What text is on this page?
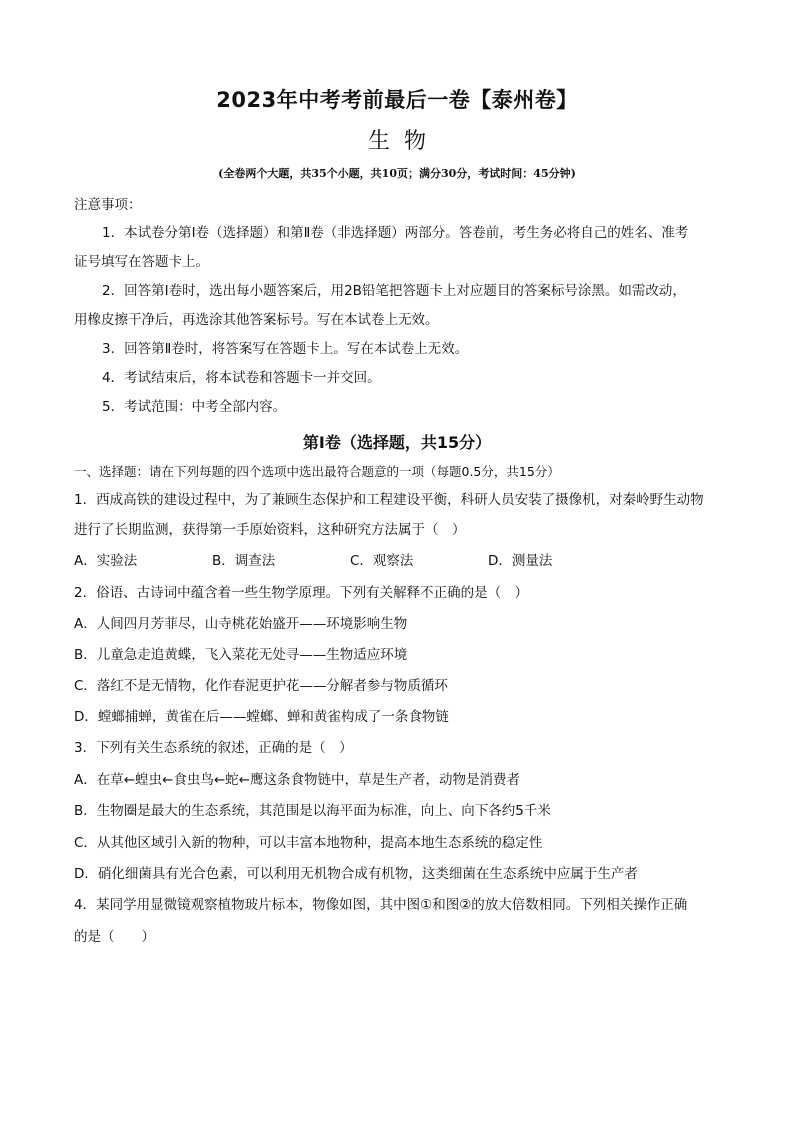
2023年中考考前最后一卷【泰州卷】
生物
(全卷两个大题，共35个小题，共10页；满分30分，考试时间：45分钟)
注意事项：
1．本试卷分第Ⅰ卷（选择题）和第Ⅱ卷（非选择题）两部分。答卷前，考生务必将自己的姓名、准考
证号填写在答题卡上。
2．回答第Ⅰ卷时，选出每小题答案后，用2B铅笔把答题卡上对应题目的答案标号涂黑。如需改动，
用橡皮擦干净后，再选涂其他答案标号。写在本试卷上无效。
3．回答第Ⅱ卷时，将答案写在答题卡上。写在本试卷上无效。
4．考试结束后，将本试卷和答题卡一并交回。
5．考试范围：中考全部内容。
第Ⅰ卷（选择题，共15分）
一、选择题：请在下列每题的四个选项中选出最符合题意的一项（每题0.5分，共15分）
1．西成高铁的建设过程中，为了兼顾生态保护和工程建设平衡，科研人员安装了摄像机，对秦岭野生动物
进行了长期监测，获得第一手原始资料，这种研究方法属于（　）
A．实验法	B．调查法	C．观察法	D．测量法
2．俗语、古诗词中蕴含着一些生物学原理。下列有关解释不正确的是（　）
A．人间四月芳菲尽，山寺桃花始盛开——环境影响生物
B．儿童急走追黄蝶，飞入菜花无处寻——生物适应环境
C．落红不是无情物，化作春泥更护花——分解者参与物质循环
D．螳螂捕蝉，黄雀在后——螳螂、蝉和黄雀构成了一条食物链
3．下列有关生态系统的叙述，正确的是（　）
A．在草←蝗虫←食虫鸟←蛇←鹰这条食物链中，草是生产者，动物是消费者
B．生物圈是最大的生态系统，其范围是以海平面为标准，向上、向下各约5千米
C．从其他区域引入新的物种，可以丰富本地物种，提高本地生态系统的稳定性
D．硝化细菌具有光合色素，可以利用无机物合成有机物，这类细菌在生态系统中应属于生产者
4．某同学用显微镜观察植物玻片标本，物像如图，其中图①和图②的放大倍数相同。下列相关操作正确
的是（　　）
